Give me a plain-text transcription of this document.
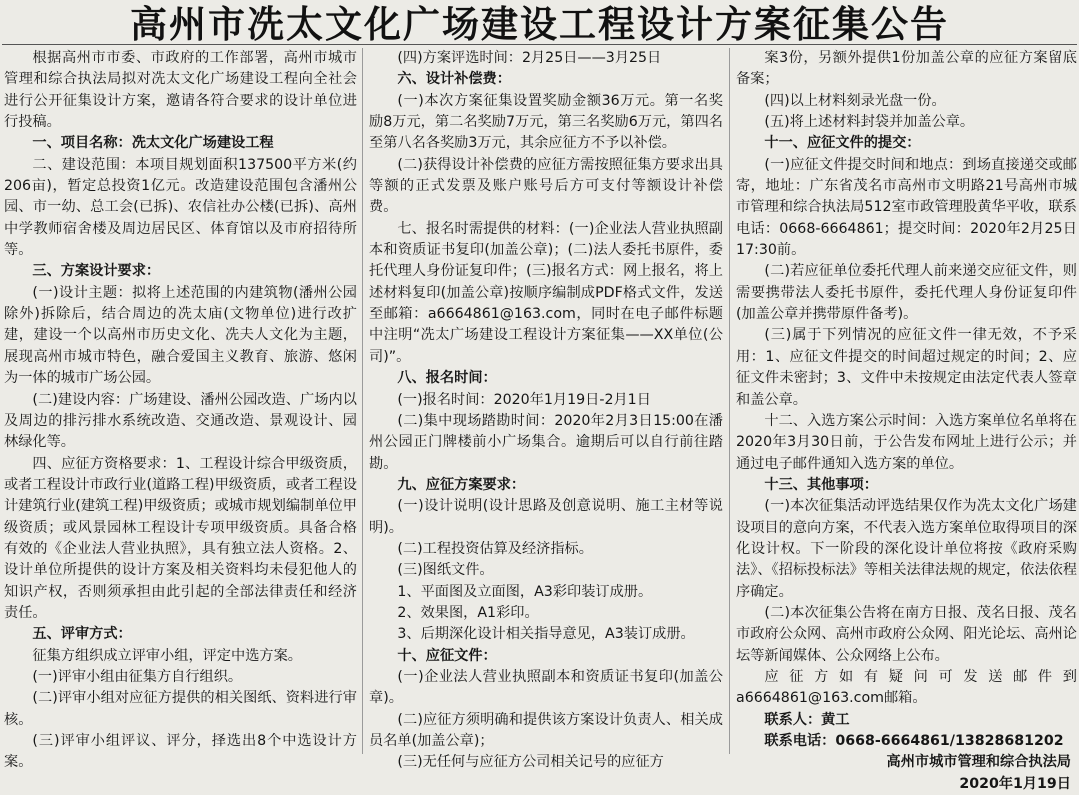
高州市冼太文化广场建设工程设计方案征集公告

根据高州市市委、市政府的工作部署，高州市城市管理和综合执法局拟对冼太文化广场建设工程向全社会进行公开征集设计方案，邀请各符合要求的设计单位进行投稿。

一、项目名称：冼太文化广场建设工程

二、建设范围：本项目规划面积137500平方米(约206亩)，暂定总投资1亿元。改造建设范围包含潘州公园、市一幼、总工会(已拆)、农信社办公楼(已拆)、高州中学教师宿舍楼及周边居民区、体育馆以及市府招待所等。

三、方案设计要求：

(一)设计主题：拟将上述范围的内建筑物(潘州公园除外)拆除后，结合周边的冼太庙(文物单位)进行改扩建，建设一个以高州市历史文化、冼夫人文化为主题，展现高州市城市特色，融合爱国主义教育、旅游、悠闲为一体的城市广场公园。

(二)建设内容：广场建设、潘州公园改造、广场内以及周边的排污排水系统改造、交通改造、景观设计、园林绿化等。

四、应征方资格要求：1、工程设计综合甲级资质，或者工程设计市政行业(道路工程)甲级资质，或者工程设计建筑行业(建筑工程)甲级资质；或城市规划编制单位甲级资质；或风景园林工程设计专项甲级资质。具备合格有效的《企业法人营业执照》，具有独立法人资格。2、设计单位所提供的设计方案及相关资料均未侵犯他人的知识产权，否则须承担由此引起的全部法律责任和经济责任。

五、评审方式：

征集方组织成立评审小组，评定中选方案。

(一)评审小组由征集方自行组织。

(二)评审小组对应征方提供的相关图纸、资料进行审核。

(三)评审小组评议、评分，择选出8个中选设计方案。

(四)方案评选时间：2月25日——3月25日

六、设计补偿费：

(一)本次方案征集设置奖励金额36万元。第一名奖励8万元，第二名奖励7万元，第三名奖励6万元，第四名至第八名各奖励3万元，其余应征方不予以补偿。

(二)获得设计补偿费的应征方需按照征集方要求出具等额的正式发票及账户账号后方可支付等额设计补偿费。

七、报名时需提供的材料：(一)企业法人营业执照副本和资质证书复印(加盖公章)；(二)法人委托书原件，委托代理人身份证复印件；(三)报名方式：网上报名，将上述材料复印(加盖公章)按顺序编制成PDF格式文件，发送至邮箱：a6664861@163.com，同时在电子邮件标题中注明“冼太广场建设工程设计方案征集——XX单位(公司)”。

八、报名时间：

(一)报名时间：2020年1月19日-2月1日

(二)集中现场踏勘时间：2020年2月3日15:00在潘州公园正门牌楼前小广场集合。逾期后可以自行前往踏勘。

九、应征方案要求：

(一)设计说明(设计思路及创意说明、施工主材等说明)。

(二)工程投资估算及经济指标。

(三)图纸文件。

1、平面图及立面图，A3彩印装订成册。

2、效果图，A1彩印。

3、后期深化设计相关指导意见，A3装订成册。

十、应征文件：

(一)企业法人营业执照副本和资质证书复印(加盖公章)。

(二)应征方须明确和提供该方案设计负责人、相关成员名单(加盖公章)；

(三)无任何与应征方公司相关记号的应征方

案3份，另额外提供1份加盖公章的应征方案留底备案；

(四)以上材料刻录光盘一份。

(五)将上述材料封袋并加盖公章。

十一、应征文件的提交：

(一)应征文件提交时间和地点：到场直接递交或邮寄，地址：广东省茂名市高州市文明路21号高州市城市管理和综合执法局512室市政管理股黄华平收，联系电话：0668-6664861；提交时间：2020年2月25日17:30前。

(二)若应征单位委托代理人前来递交应征文件，则需要携带法人委托书原件，委托代理人身份证复印件(加盖公章并携带原件备考)。

(三)属于下列情况的应征文件一律无效，不予采用：1、应征文件提交的时间超过规定的时间；2、应征文件未密封；3、文件中未按规定由法定代表人签章和盖公章。

十二、入选方案公示时间：入选方案单位名单将在2020年3月30日前，于公告发布网址上进行公示；并通过电子邮件通知入选方案的单位。

十三、其他事项：

(一)本次征集活动评选结果仅作为冼太文化广场建设项目的意向方案，不代表入选方案单位取得项目的深化设计权。下一阶段的深化设计单位将按《政府采购法》、《招标投标法》等相关法律法规的规定，依法依程序确定。

(二)本次征集公告将在南方日报、茂名日报、茂名市政府公众网、高州市政府公众网、阳光论坛、高州论坛等新闻媒体、公众网络上公布。

应征方如有疑问可发送邮件到a6664861@163.com邮箱。

联系人：黄工

联系电话：0668-6664861/13828681202

高州市城市管理和综合执法局

2020年1月19日
